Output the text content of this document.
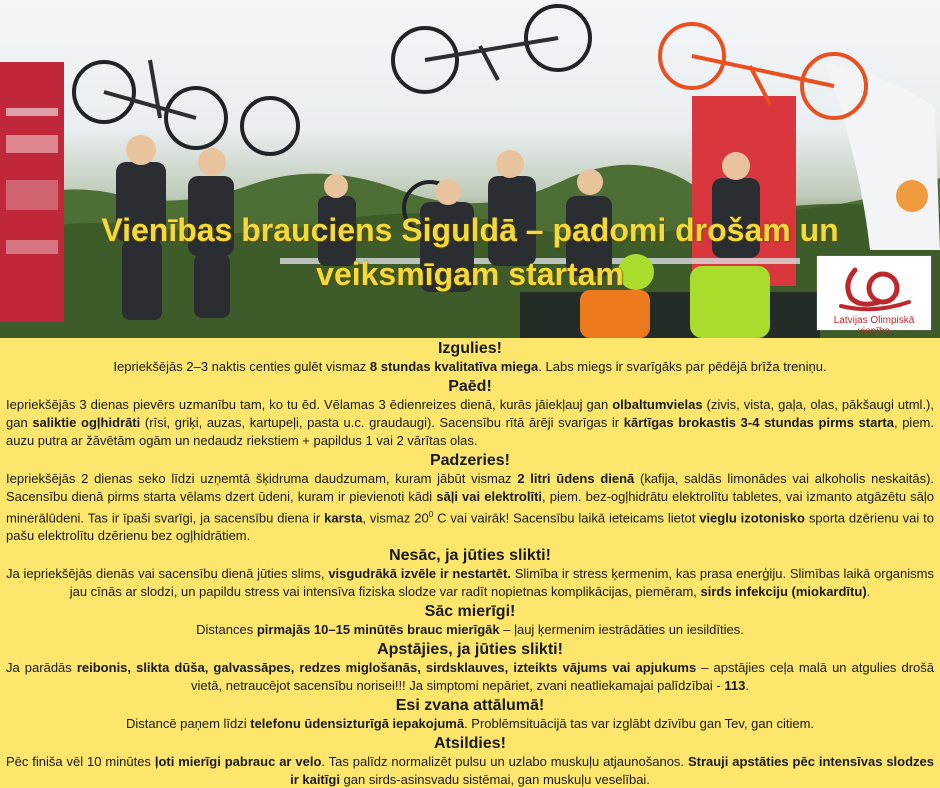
Vienības brauciens Siguldā – padomi drošam un veiksmīgam startam
Latvijas Olimpiskā vienība
Izgulies!
Iepriekšējās 2–3 naktis centies gulēt vismaz 8 stundas kvalitatīva miega. Labs miegs ir svarīgāks par pēdējā brīža treniņu.
Paēd!
Iepriekšējās 3 dienas pievērs uzmanību tam, ko tu ēd. Vēlamas 3 ēdienreizes dienā, kurās jāiekļauj gan olbaltumvielas (zivis, vista, gaļa, olas, pākšaugi utml.), gan saliktie ogļhidrāti (rīsi, griķi, auzas, kartupeļi, pasta u.c. graudaugi). Sacensību rītā ārēji svarīgas ir kārtīgas brokastis 3-4 stundas pirms starta, piem. auzu putra ar žāvētām ogām un nedaudz riekstiem + papildus 1 vai 2 vārītas olas.
Padzeries!
Iepriekšējās 2 dienas seko līdzi uzņemtā šķidruma daudzumam, kuram jābūt vismaz 2 litri ūdens dienā (kafija, saldās limonādes vai alkoholis neskaitās). Sacensību dienā pirms starta vēlams dzert ūdeni, kuram ir pievienoti kādi sāļi vai elektrolīti, piem. bez-ogļhidrātu elektrolītu tabletes, vai izmanto atgāzētu sāļo minerālūdeni. Tas ir īpaši svarīgi, ja sacensību diena ir karsta, vismaz $20^0$ C vai vairāk! Sacensību laikā ieteicams lietot vieglu izotonisko sporta dzērienu vai to pašu elektrolītu dzērienu bez ogļhidrātiem.
Nesāc, ja jūties slikti!
Ja iepriekšējās dienās vai sacensību dienā jūties slims, visgudrākā izvēle ir nestartēt. Slimība ir stress ķermenim, kas prasa enerģiju. Slimības laikā organisms jau cīnās ar slodzi, un papildu stress vai intensīva fiziska slodze var radīt nopietnas komplikācijas, piemēram, sirds infekciju (miokardītu).
Sāc mierīgi!
Distances pirmajās 10–15 minūtēs brauc mierīgāk – ļauj ķermenim iestrādāties un iesildīties.
Apstājies, ja jūties slikti!
Ja parādās reibonis, slikta dūša, galvassāpes, redzes miglošanās, sirdsklauves, izteikts vājums vai apjukums – apstājies ceļa malā un atgulies drošā vietā, netraucējot sacensību norisei!!! Ja simptomi nepāriet, zvani neatliekamajai palīdzībai - 113.
Esi zvana attālumā!
Distancē paņem līdzi telefonu ūdensizturīgā iepakojumā. Problēmsituācijā tas var izglābt dzīvību gan Tev, gan citiem.
Atsildies!
Pēc finiša vēl 10 minūtes ļoti mierīgi pabrauc ar velo. Tas palīdz normalizēt pulsu un uzlabo muskuļu atjaunošanos. Strauji apstāties pēc intensīvas slodzes ir kaitīgi gan sirds-asinsvadu sistēmai, gan muskuļu veselībai.
